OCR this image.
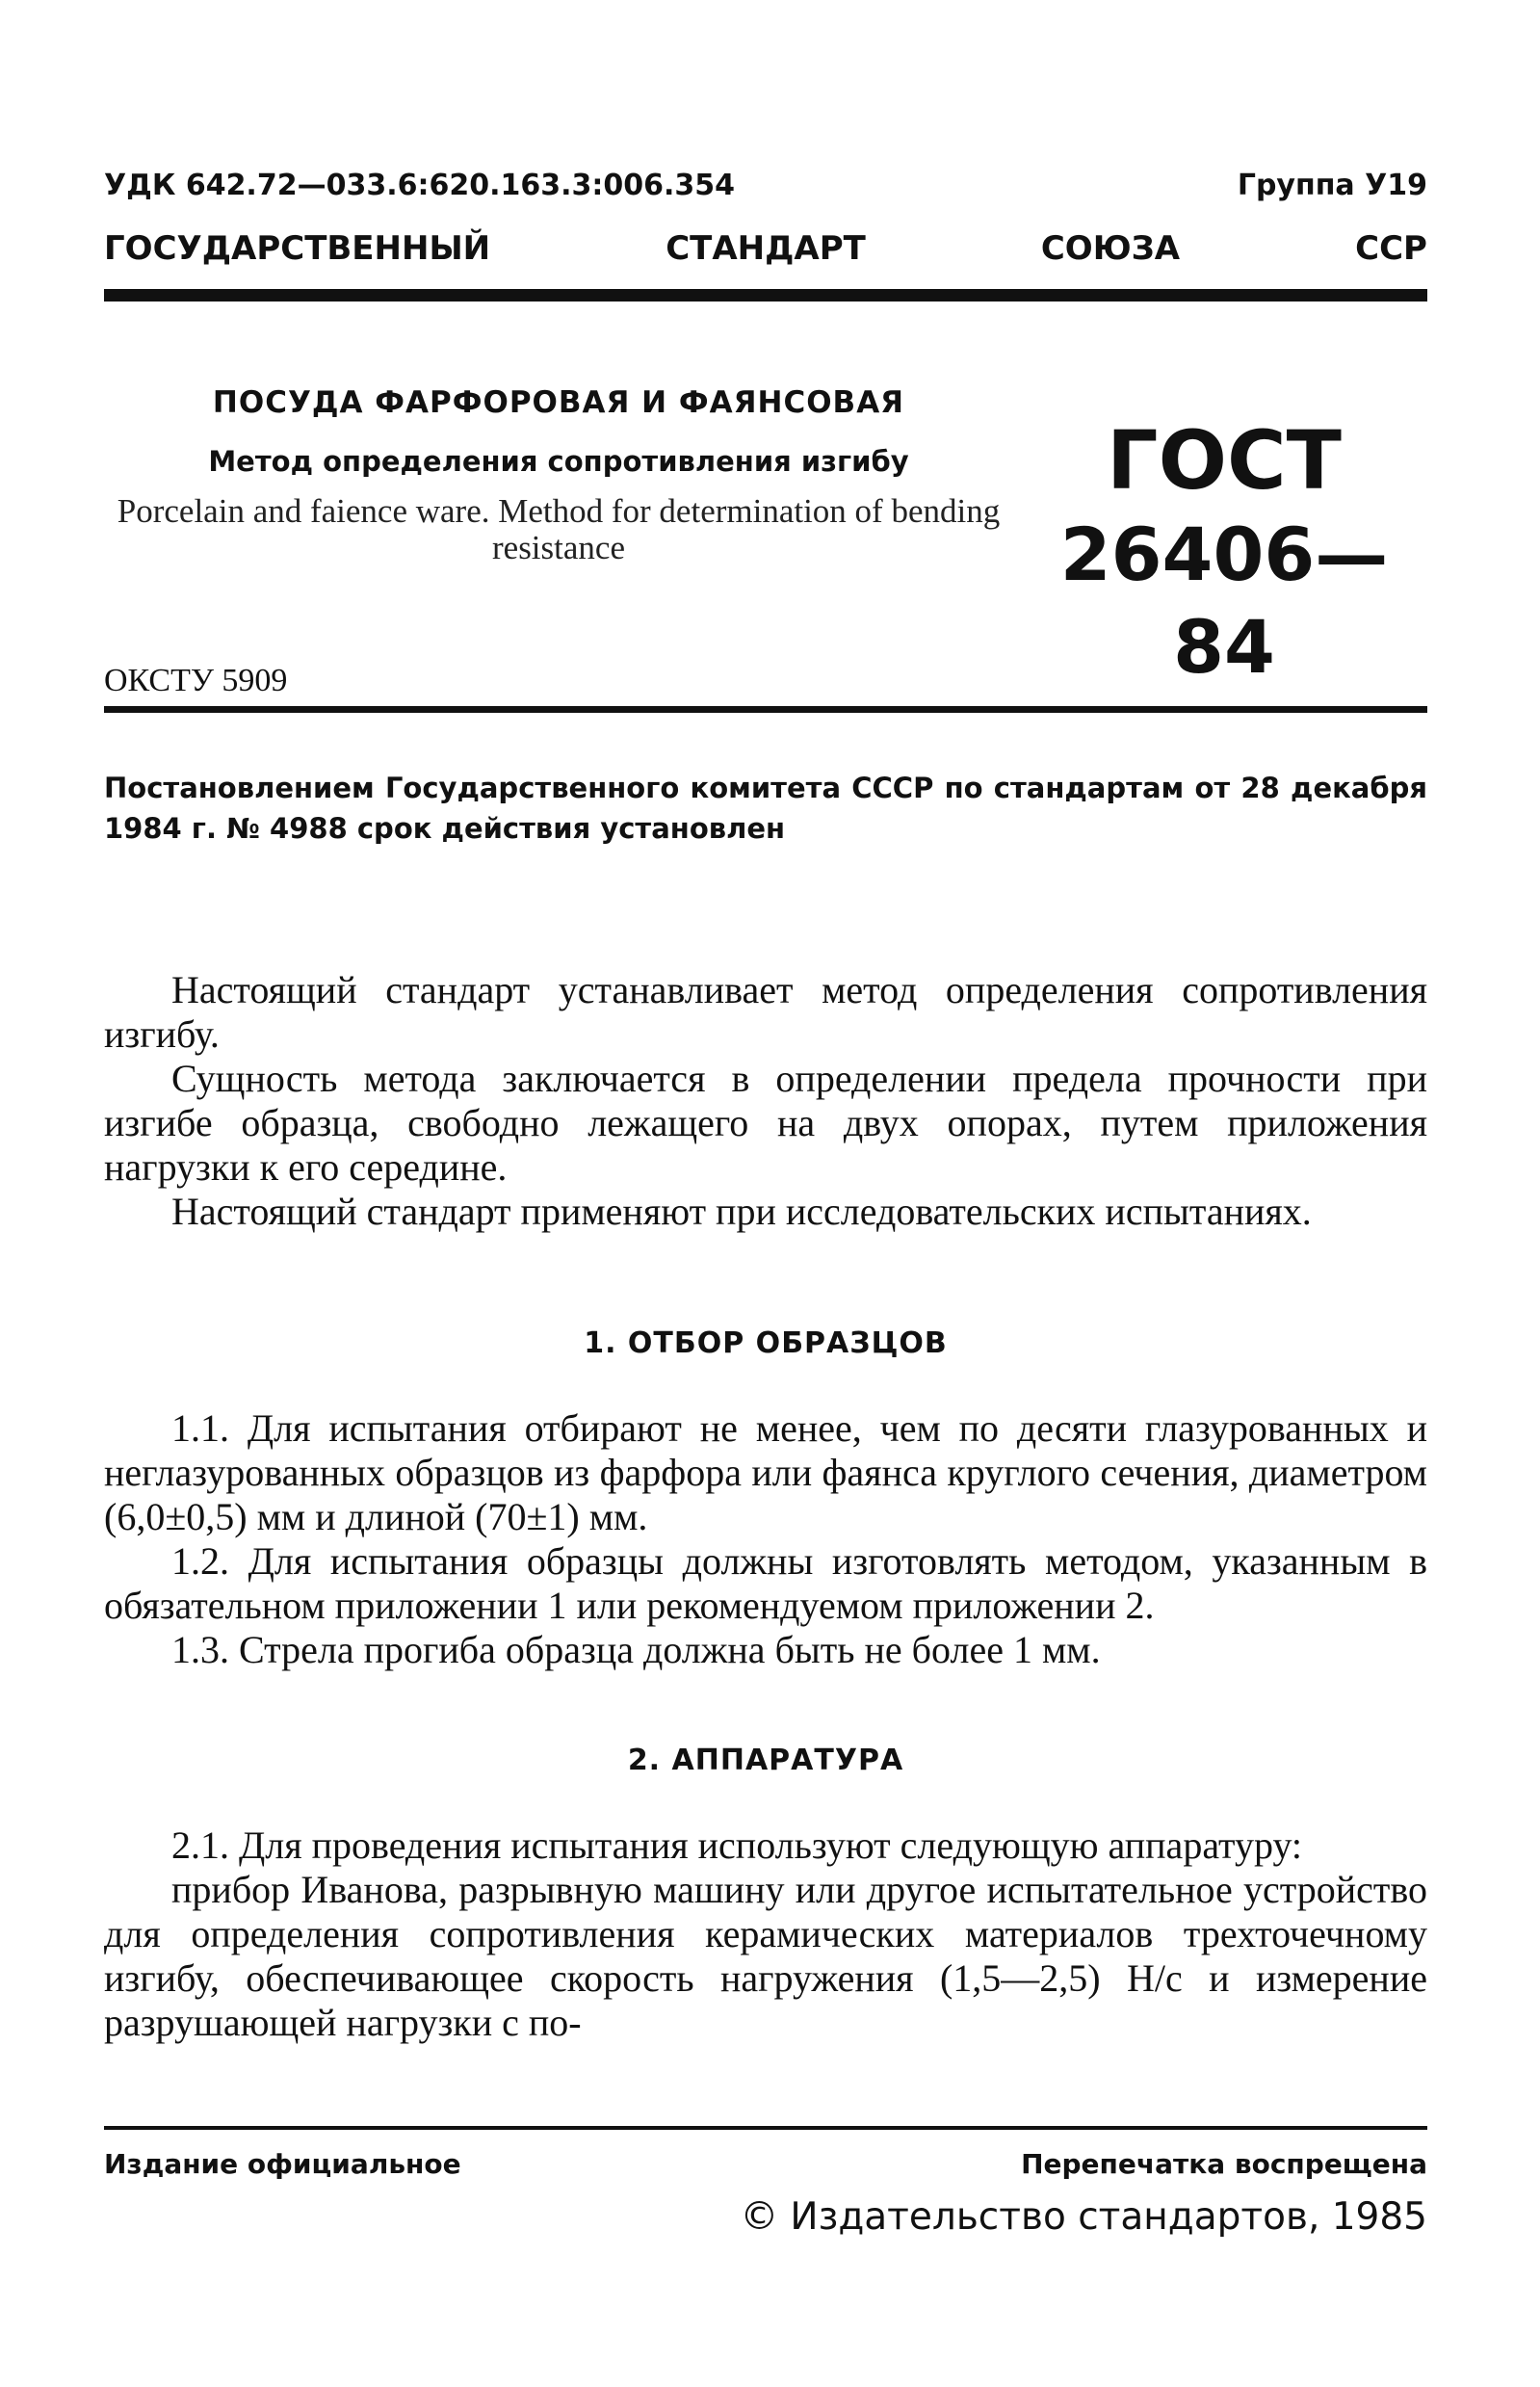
УДК 642.72—033.6:620.163.3:006.354	Группа У19
ГОСУДАРСТВЕННЫЙ	СТАНДАРТ	СОЮЗА	ССР
ПОСУДА ФАРФОРОВАЯ И ФАЯНСОВАЯ
Метод определения сопротивления изгибу
Porcelain and faience ware. Method for determination of bending resistance
ГОСТ
26406—84
ОКСТУ 5909
Постановлением Государственного комитета СССР по стандартам от 28 декабря 1984 г. № 4988 срок действия установлен

Настоящий стандарт устанавливает метод определения сопротивления изгибу.

Сущность метода заключается в определении предела прочности при изгибе образца, свободно лежащего на двух опорах, путем приложения нагрузки к его середине.

Настоящий стандарт применяют при исследовательских испытаниях.

1. ОТБОР ОБРАЗЦОВ

1.1. Для испытания отбирают не менее, чем по десяти глазурованных и неглазурованных образцов из фарфора или фаянса круглого сечения, диаметром (6,0±0,5) мм и длиной (70±1) мм.

1.2. Для испытания образцы должны изготовлять методом, указанным в обязательном приложении 1 или рекомендуемом приложении 2.

1.3. Стрела прогиба образца должна быть не более 1 мм.

2. АППАРАТУРА

2.1. Для проведения испытания используют следующую аппаратуру:

прибор Иванова, разрывную машину или другое испытательное устройство для определения сопротивления керамических материалов трехточечному изгибу, обеспечивающее скорость нагружения (1,5—2,5) Н/с и измерение разрушающей нагрузки с по-

Издание официальное	Перепечатка воспрещена
© Издательство стандартов, 1985
